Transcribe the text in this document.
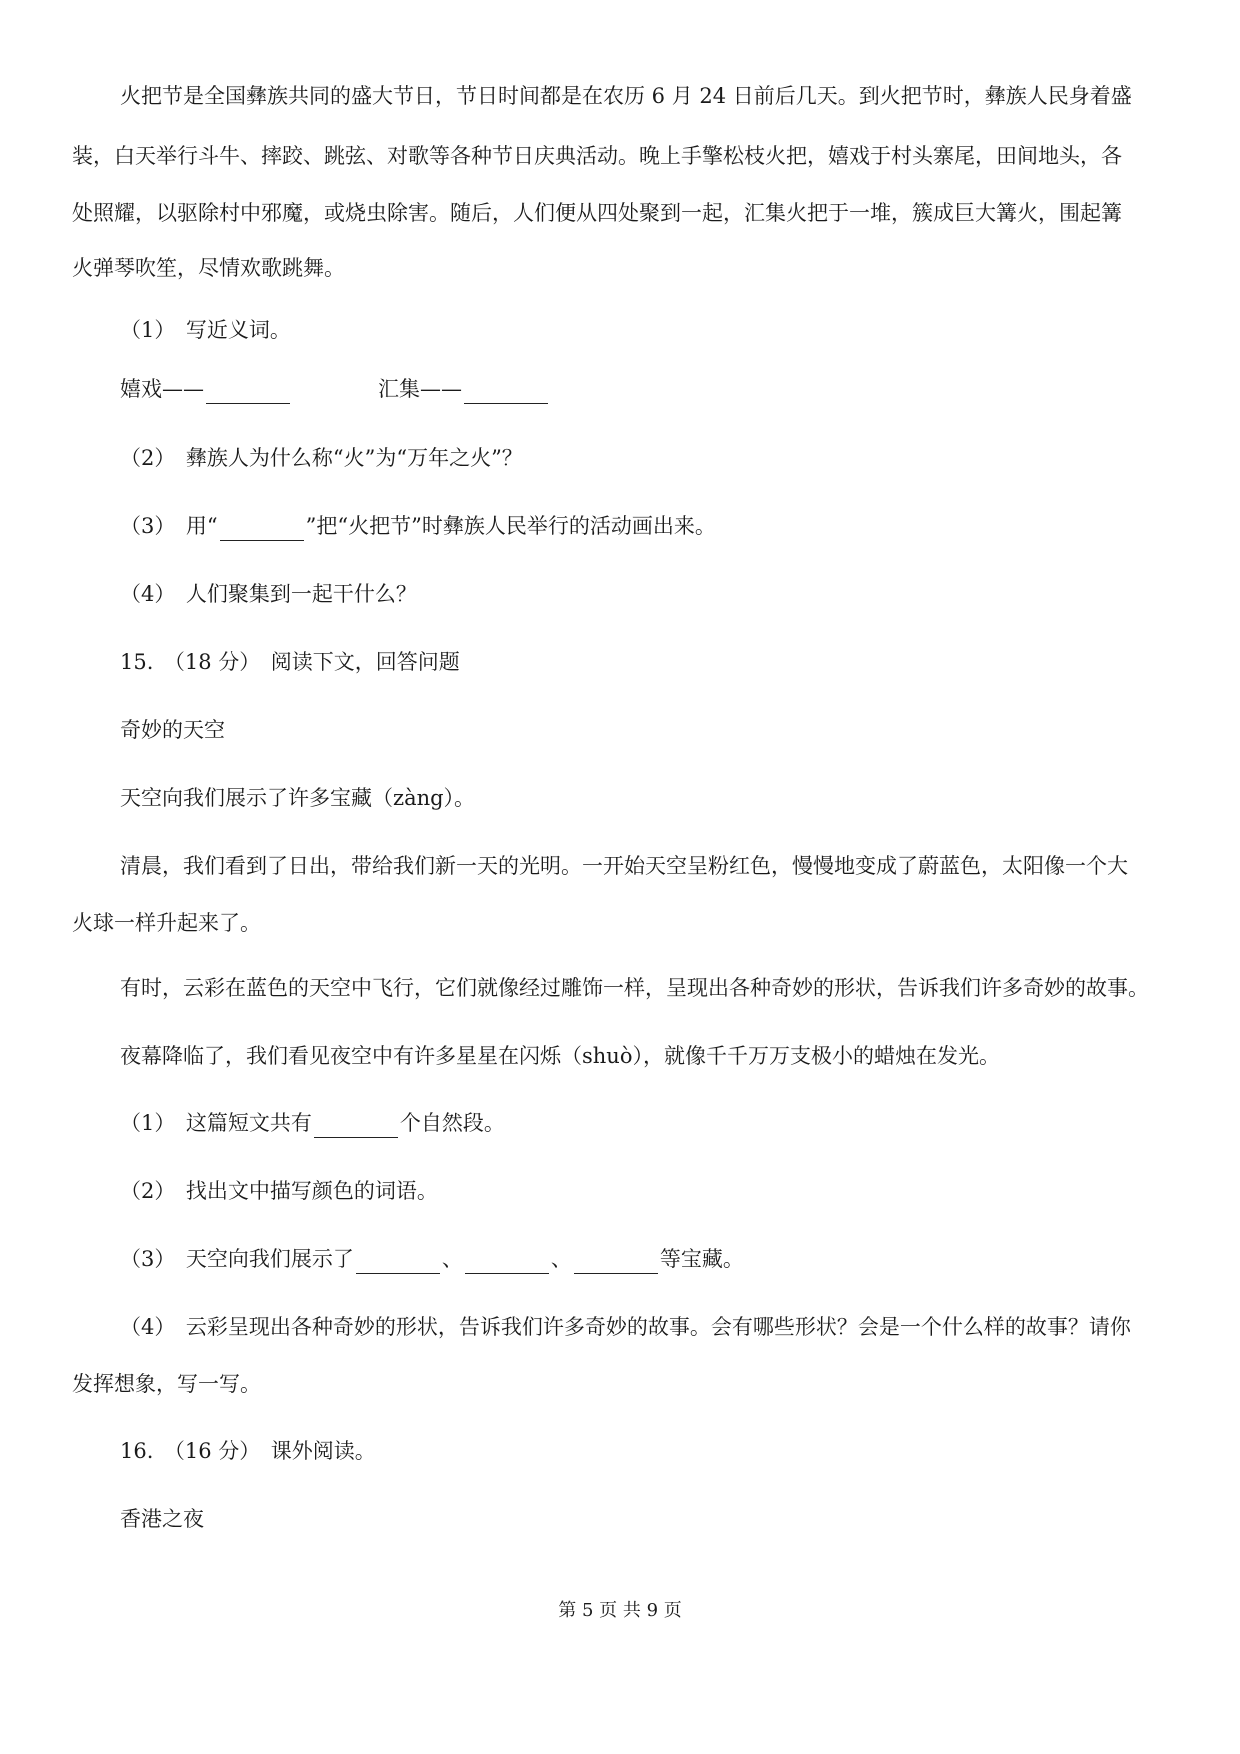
火把节是全国彝族共同的盛大节日，节日时间都是在农历 6 月 24 日前后几天。到火把节时，彝族人民身着盛
装，白天举行斗牛、摔跤、跳弦、对歌等各种节日庆典活动。晚上手擎松枝火把，嬉戏于村头寨尾，田间地头，各
处照耀，以驱除村中邪魔，或烧虫除害。随后，人们便从四处聚到一起，汇集火把于一堆，簇成巨大篝火，围起篝
火弹琴吹笙，尽情欢歌跳舞。
（1）　写近义词。
嬉戏——	汇集——
（2）　彝族人为什么称“火”为“万年之火”？
（3）　用“	”把“火把节”时彝族人民举行的活动画出来。
（4）　人们聚集到一起干什么？
15.　（18 分）　阅读下文，回答问题
奇妙的天空
天空向我们展示了许多宝藏（zàng）。
清晨，我们看到了日出，带给我们新一天的光明。一开始天空呈粉红色，慢慢地变成了蔚蓝色，太阳像一个大
火球一样升起来了。
有时，云彩在蓝色的天空中飞行，它们就像经过雕饰一样，呈现出各种奇妙的形状，告诉我们许多奇妙的故事。
夜幕降临了，我们看见夜空中有许多星星在闪烁（shuò），就像千千万万支极小的蜡烛在发光。
（1）　这篇短文共有	个自然段。
（2）　找出文中描写颜色的词语。
（3）　天空向我们展示了	、	、	等宝藏。
（4）　云彩呈现出各种奇妙的形状，告诉我们许多奇妙的故事。会有哪些形状？会是一个什么样的故事？请你
发挥想象，写一写。
16.　（16 分）　课外阅读。
香港之夜
第 5 页 共 9 页
